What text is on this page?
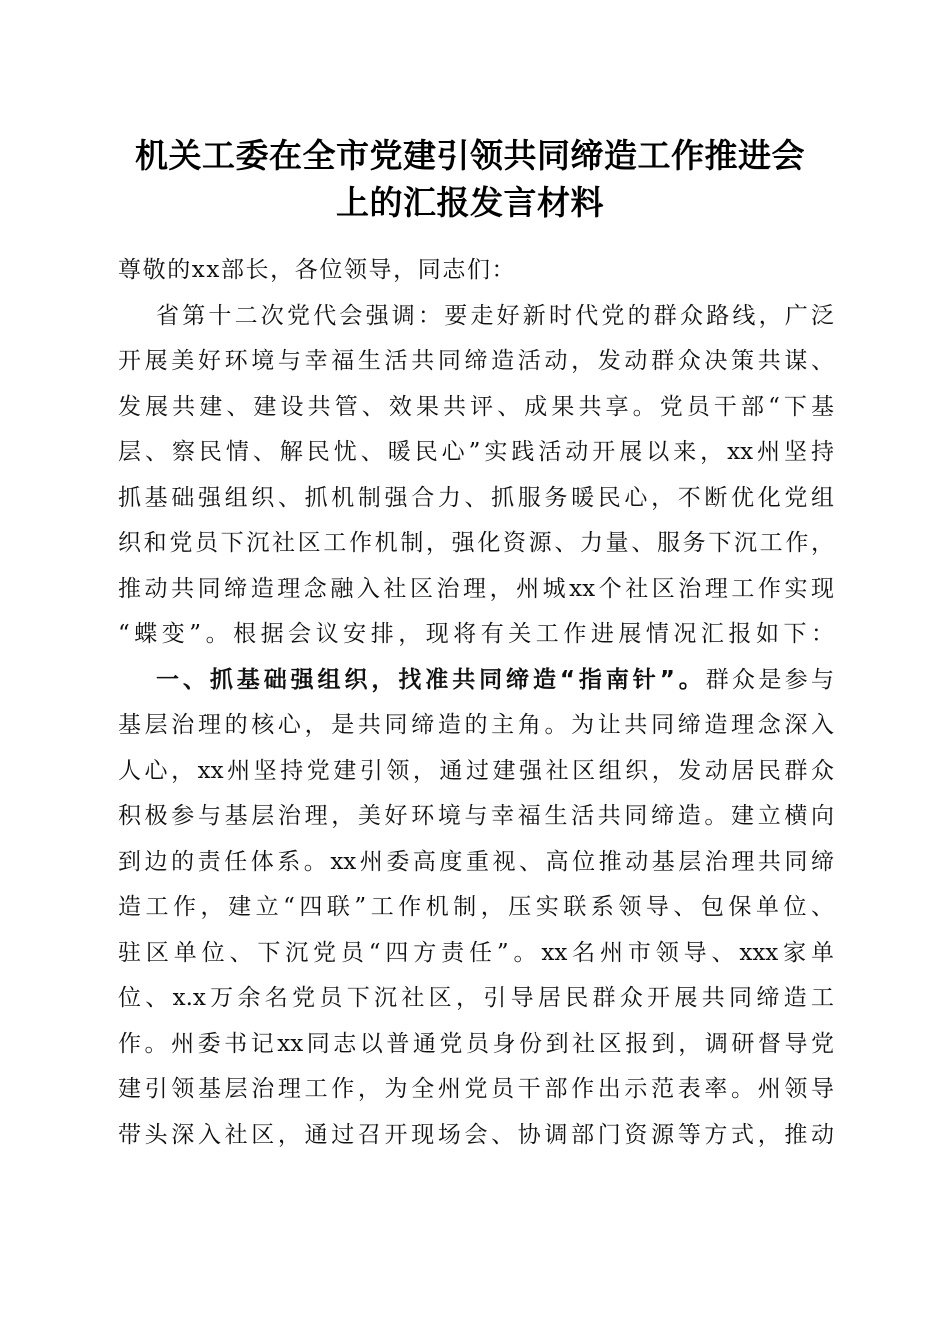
机关工委在全市党建引领共同缔造工作推进会
上的汇报发言材料
尊敬的xx部长，各位领导，同志们：
省第十二次党代会强调：要走好新时代党的群众路线，广泛
开展美好环境与幸福生活共同缔造活动，发动群众决策共谋、
发展共建、建设共管、效果共评、成果共享。党员干部“下基
层、察民情、解民忧、暖民心”实践活动开展以来，xx州坚持
抓基础强组织、抓机制强合力、抓服务暖民心，不断优化党组
织和党员下沉社区工作机制，强化资源、力量、服务下沉工作，
推动共同缔造理念融入社区治理，州城xx个社区治理工作实现
“蝶变”。根据会议安排，现将有关工作进展情况汇报如下：
一、抓基础强组织，找准共同缔造“指南针”。群众是参与
基层治理的核心，是共同缔造的主角。为让共同缔造理念深入
人心，xx州坚持党建引领，通过建强社区组织，发动居民群众
积极参与基层治理，美好环境与幸福生活共同缔造。建立横向
到边的责任体系。xx州委高度重视、高位推动基层治理共同缔
造工作，建立“四联”工作机制，压实联系领导、包保单位、
驻区单位、下沉党员“四方责任”。xx名州市领导、xxx家单
位、x.x万余名党员下沉社区，引导居民群众开展共同缔造工
作。州委书记xx同志以普通党员身份到社区报到，调研督导党
建引领基层治理工作，为全州党员干部作出示范表率。州领导
带头深入社区，通过召开现场会、协调部门资源等方式，推动
